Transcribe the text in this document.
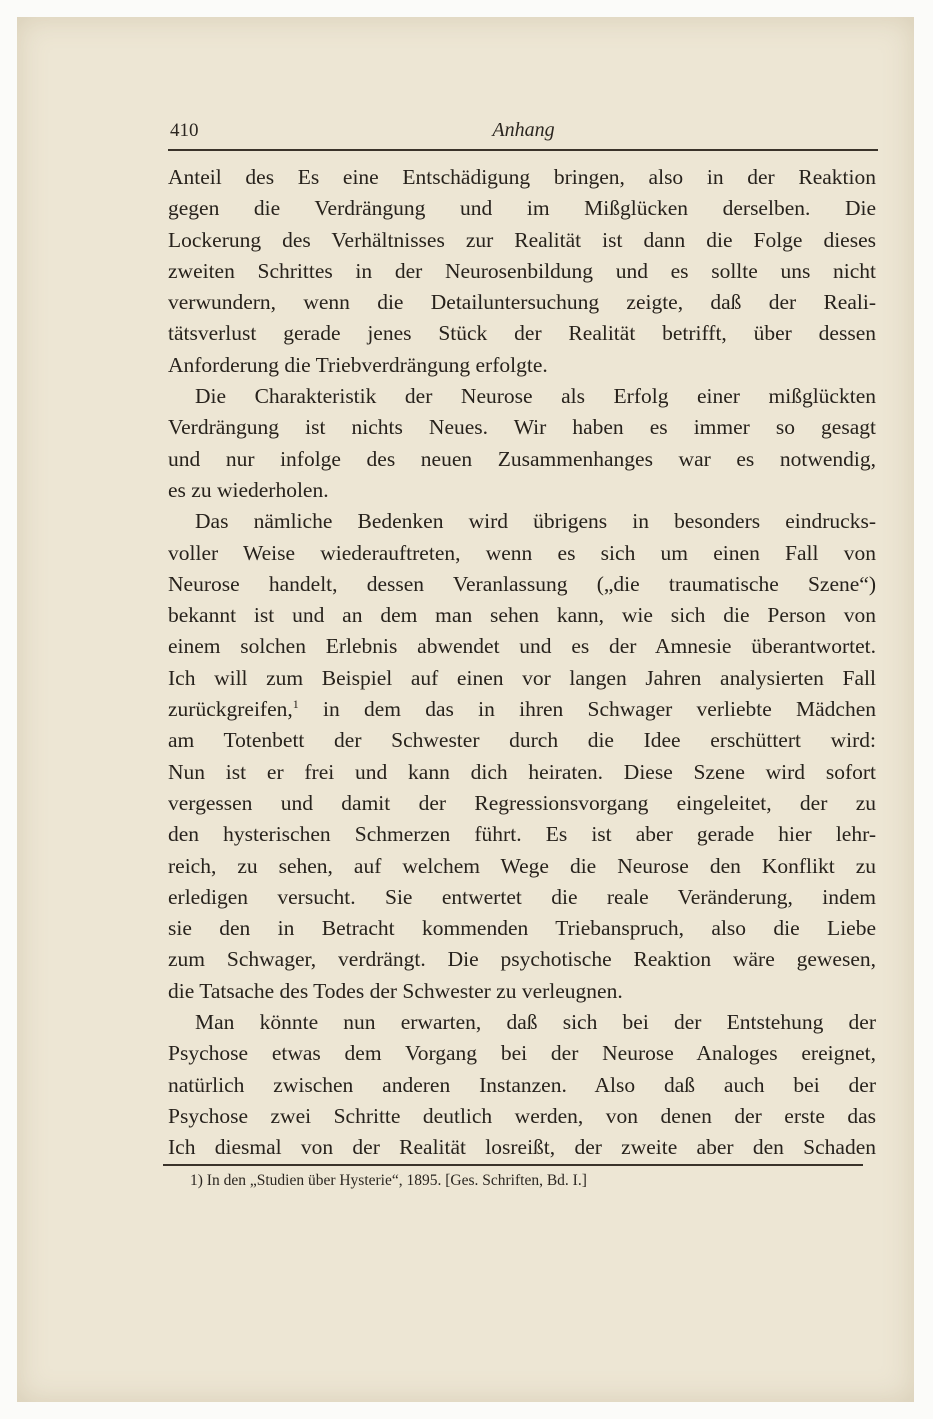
410	Anhang
Anteil des Es eine Entschädigung bringen, also in der Reaktion
gegen die Verdrängung und im Mißglücken derselben. Die
Lockerung des Verhältnisses zur Realität ist dann die Folge dieses
zweiten Schrittes in der Neurosenbildung und es sollte uns nicht
verwundern, wenn die Detailuntersuchung zeigte, daß der Reali-
tätsverlust gerade jenes Stück der Realität betrifft, über dessen
Anforderung die Triebverdrängung erfolgte.
Die Charakteristik der Neurose als Erfolg einer mißglückten
Verdrängung ist nichts Neues. Wir haben es immer so gesagt
und nur infolge des neuen Zusammenhanges war es notwendig,
es zu wiederholen.
Das nämliche Bedenken wird übrigens in besonders eindrucks-
voller Weise wiederauftreten, wenn es sich um einen Fall von
Neurose handelt, dessen Veranlassung („die traumatische Szene“)
bekannt ist und an dem man sehen kann, wie sich die Person von
einem solchen Erlebnis abwendet und es der Amnesie überantwortet.
Ich will zum Beispiel auf einen vor langen Jahren analysierten Fall
zurückgreifen,$^1$ in dem das in ihren Schwager verliebte Mädchen
am Totenbett der Schwester durch die Idee erschüttert wird:
Nun ist er frei und kann dich heiraten. Diese Szene wird sofort
vergessen und damit der Regressionsvorgang eingeleitet, der zu
den hysterischen Schmerzen führt. Es ist aber gerade hier lehr-
reich, zu sehen, auf welchem Wege die Neurose den Konflikt zu
erledigen versucht. Sie entwertet die reale Veränderung, indem
sie den in Betracht kommenden Triebanspruch, also die Liebe
zum Schwager, verdrängt. Die psychotische Reaktion wäre gewesen,
die Tatsache des Todes der Schwester zu verleugnen.
Man könnte nun erwarten, daß sich bei der Entstehung der
Psychose etwas dem Vorgang bei der Neurose Analoges ereignet,
natürlich zwischen anderen Instanzen. Also daß auch bei der
Psychose zwei Schritte deutlich werden, von denen der erste das
Ich diesmal von der Realität losreißt, der zweite aber den Schaden
1) In den „Studien über Hysterie“, 1895. [Ges. Schriften, Bd. I.]
